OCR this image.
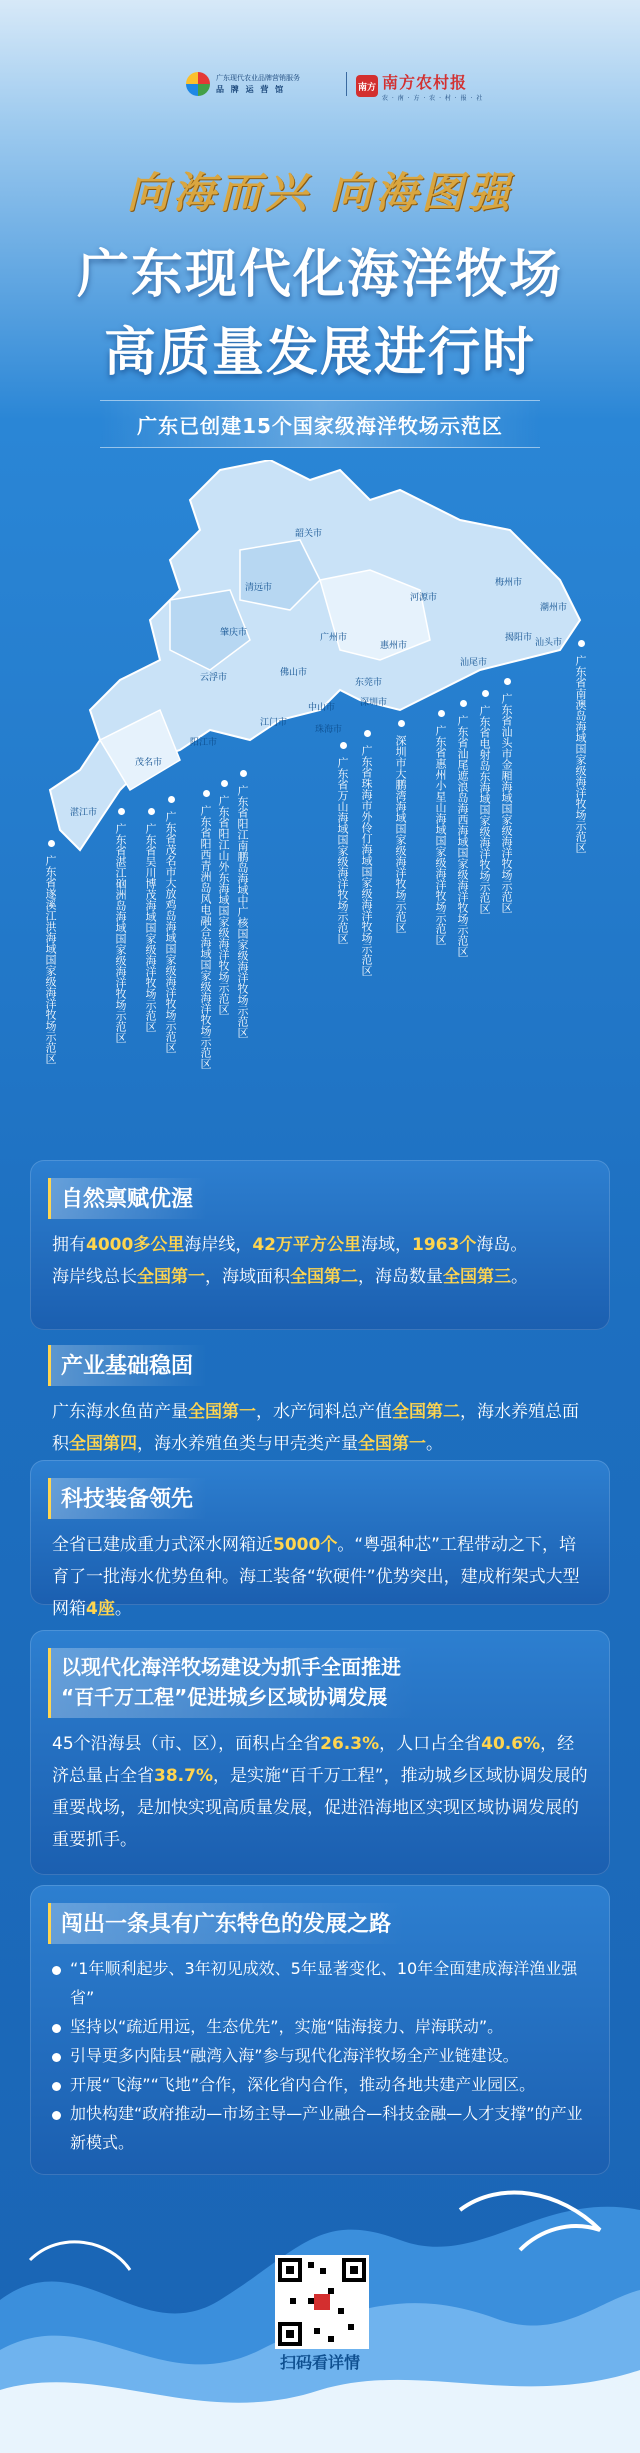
广东现代农业品牌营销服务
品 牌 运 营 馆	南方 南方农村报
农 · 南 · 方 · 农 · 村 · 报 · 社
向海而兴 向海图强
广东现代化海洋牧场
高质量发展进行时
广东已创建15个国家级海洋牧场示范区
韶关市
梅州市
清远市
河源市
潮州市
广州市	汕头市
肇庆市
惠州市
揭阳市
云浮市	佛山市
汕尾市
东莞市
深圳市
中山市
江门市
珠海市
阳江市
茂名市
湛江市
广东省遂溪江洪海域国家级海洋牧场示范区	广东省湛江硇洲岛海域国家级海洋牧场示范区 广东省吴川博茂海域国家级海洋牧场示范区 广东省茂名市大放鸡岛海域国家级海洋牧场示范区 广东省阳西青洲岛风电融合海域国家级海洋牧场示范区 广东省阳江山外东海域国家级海洋牧场示范区 广东省阳江南鹏岛海域中广核国家级海洋牧场示范区	广东省万山海域国家级海洋牧场示范区 广东省珠海市外伶仃海域国家级海洋牧场示范区 深圳市大鹏湾海域国家级海洋牧场示范区 广东省惠州小星山海域国家级海洋牧场示范区 广东省汕尾遮浪岛海西海域国家级海洋牧场示范区 广东省电射岛东海域国家级海洋牧场示范区 广东省汕头市金厢海域国家级海洋牧场示范区	广东省南澳岛海域国家级海洋牧场示范区
自然禀赋优渥
拥有4000多公里海岸线，42万平方公里海域，1963个海岛。
海岸线总长全国第一，海域面积全国第二，海岛数量全国第三。
产业基础稳固
广东海水鱼苗产量全国第一，水产饲料总产值全国第二，海水养殖总面积全国第四，海水养殖鱼类与甲壳类产量全国第一。
科技装备领先
全省已建成重力式深水网箱近5000个。“粤强种芯”工程带动之下，培育了一批海水优势鱼种。海工装备“软硬件”优势突出，建成桁架式大型网箱4座。
以现代化海洋牧场建设为抓手全面推进
“百千万工程”促进城乡区域协调发展
45个沿海县（市、区），面积占全省26.3%，人口占全省40.6%，经济总量占全省38.7%，是实施“百千万工程”，推动城乡区域协调发展的重要战场，是加快实现高质量发展，促进沿海地区实现区域协调发展的重要抓手。
闯出一条具有广东特色的发展之路
“1年顺利起步、3年初见成效、5年显著变化、10年全面建成海洋渔业强省”
坚持以“疏近用远，生态优先”，实施“陆海接力、岸海联动”。
引导更多内陆县“融湾入海”参与现代化海洋牧场全产业链建设。
开展“飞海”“飞地”合作，深化省内合作，推动各地共建产业园区。
加快构建“政府推动—市场主导—产业融合—科技金融—人才支撑”的产业新模式。
扫码看详情
